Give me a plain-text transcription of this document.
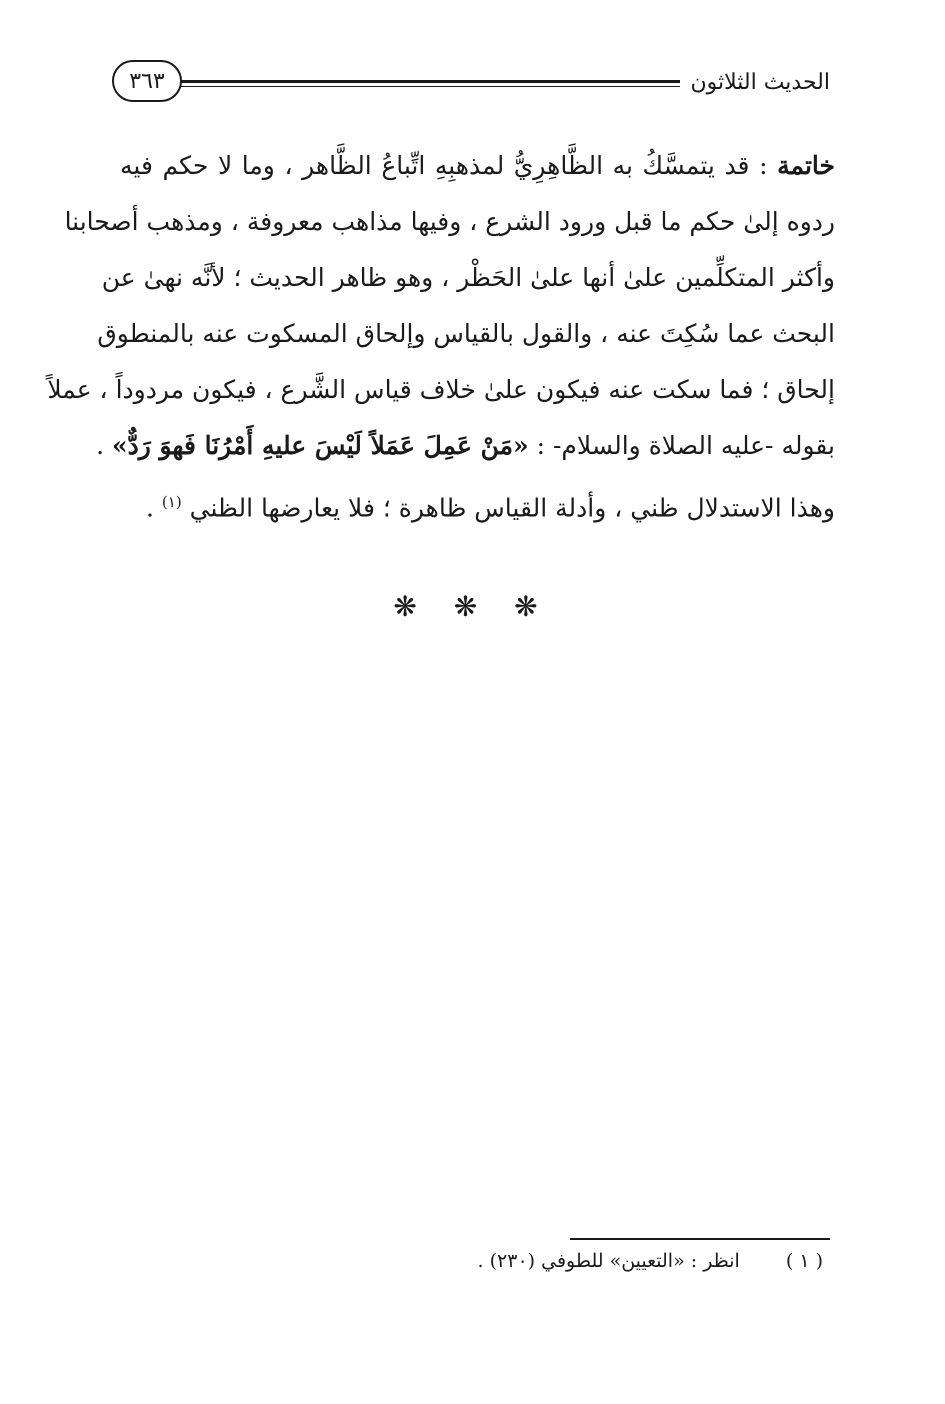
الحديث الثلاثون
٣٦٣
خاتمة : قد يتمسَّكُ به الظَّاهِرِيُّ لمذهبِهِ اتِّباعُ الظَّاهر ، وما لا حكم فيه
ردوه إلىٰ حكم ما قبل ورود الشرع ، وفيها مذاهب معروفة ، ومذهب أصحابنا
وأكثر المتكلِّمين علىٰ أنها علىٰ الحَظْر ، وهو ظاهر الحديث ؛ لأنَّه نهىٰ عن
البحث عما سُكِتَ عنه ، والقول بالقياس وإلحاق المسكوت عنه بالمنطوق
إلحاق ؛ فما سكت عنه فيكون علىٰ خلاف قياس الشَّرع ، فيكون مردوداً ، عملاً
بقوله -عليه الصلاة والسلام- : «مَنْ عَمِلَ عَمَلاً لَيْسَ عليهِ أَمْرُنَا فَهوَ رَدٌّ» .
وهذا الاستدلال ظني ، وأدلة القياس ظاهرة ؛ فلا يعارضها الظني $^{(١)}$ .
❋ ❋ ❋
( ١ ) انظر : «التعيين» للطوفي (٢٣٠) .
